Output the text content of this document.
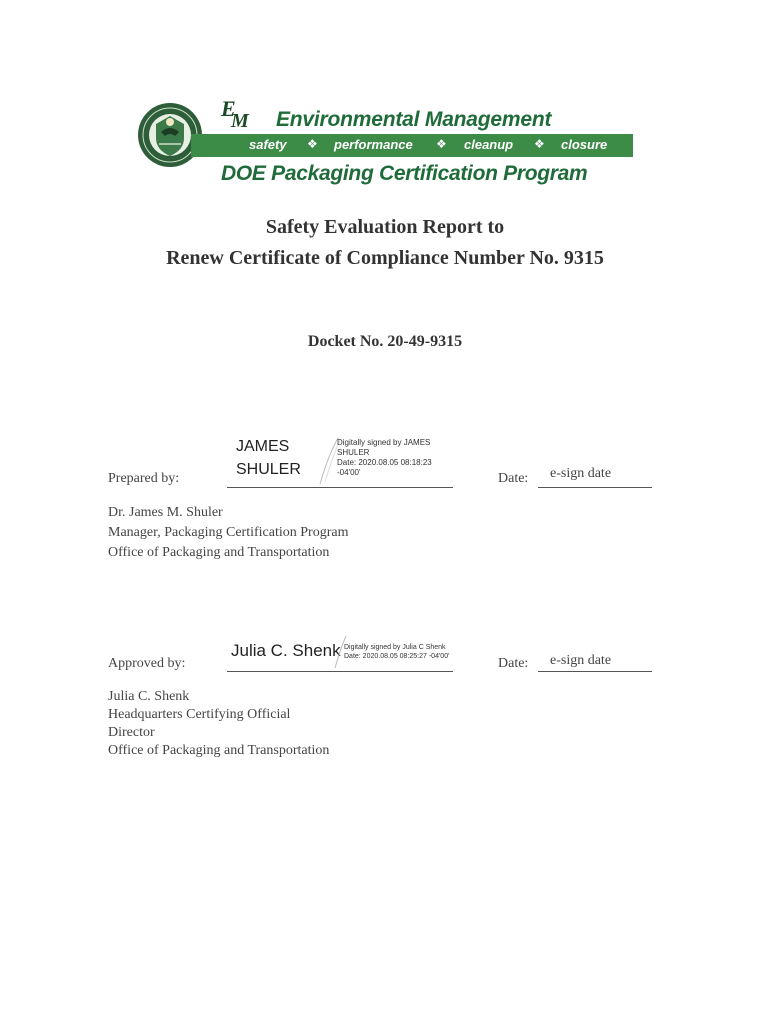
E
M Environmental Management
safety ❖ performance ❖ cleanup ❖ closure
DOE Packaging Certification Program
Safety Evaluation Report to
Renew Certificate of Compliance Number No. 9315
Docket No. 20-49-9315
Prepared by:
JAMES
SHULER
Digitally signed by JAMES
SHULER
Date: 2020.08.05 08:18:23
-04'00'	Date: e-sign date
Dr. James M. Shuler
Manager, Packaging Certification Program
Office of Packaging and Transportation
Approved by:
Julia C. Shenk Digitally signed by Julia C Shenk
Date: 2020.08.05 08:25:27 -04'00'	Date: e-sign date
Julia C. Shenk
Headquarters Certifying Official
Director
Office of Packaging and Transportation
